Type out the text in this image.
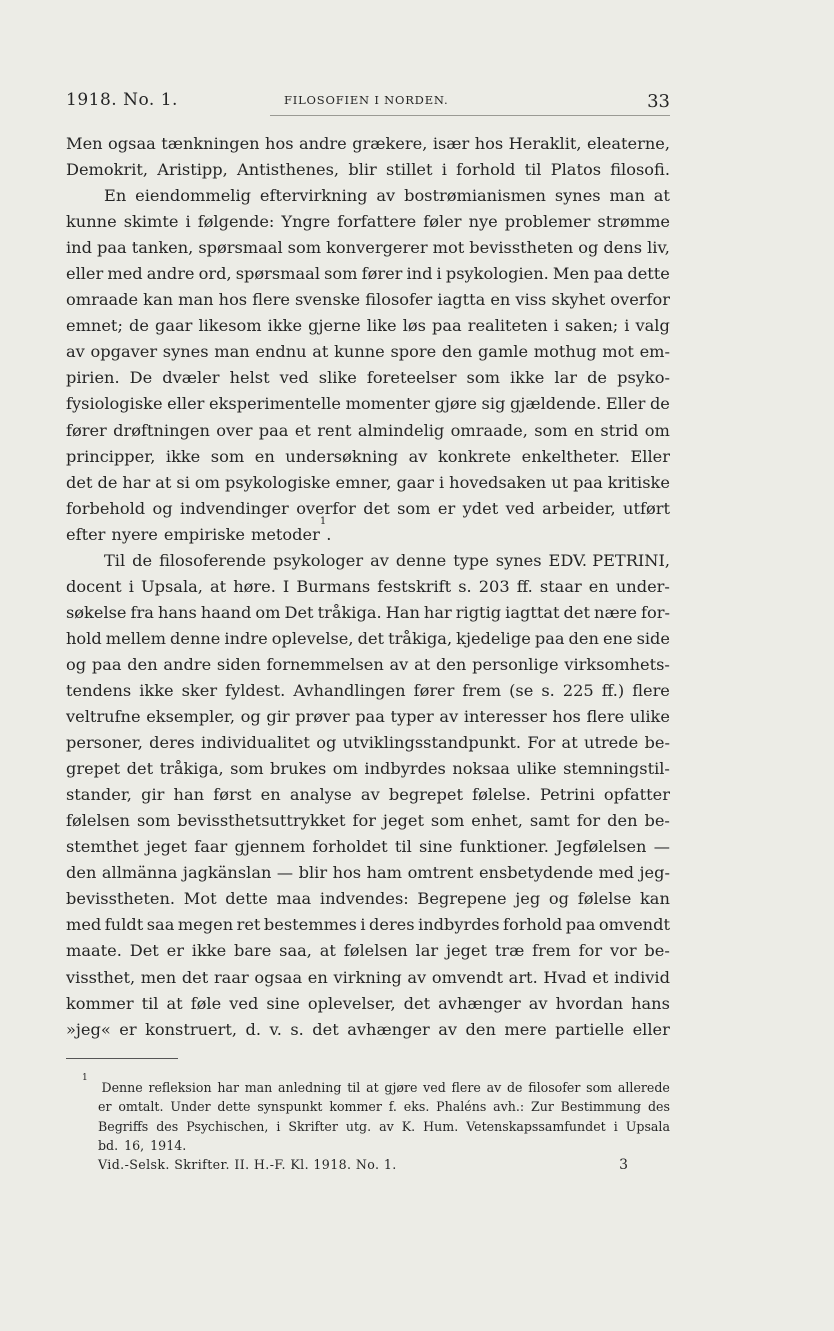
1918. No. 1.	FILOSOFIEN I NORDEN.	33
Men ogsaa tænkningen hos andre grækere, især hos Heraklit, eleaterne,
Demokrit, Aristipp, Antisthenes, blir stillet i forhold til Platos filosofi.
En eiendommelig eftervirkning av bostrømianismen synes man at
kunne skimte i følgende: Yngre forfattere føler nye problemer strømme
ind paa tanken, spørsmaal som konvergerer mot bevisstheten og dens liv,
eller med andre ord, spørsmaal som fører ind i psykologien. Men paa dette
omraade kan man hos flere svenske filosofer iagtta en viss skyhet overfor
emnet; de gaar likesom ikke gjerne like løs paa realiteten i saken; i valg
av opgaver synes man endnu at kunne spore den gamle mothug mot em-
pirien. De dvæler helst ved slike foreteelser som ikke lar de psyko-
fysiologiske eller eksperimentelle momenter gjøre sig gjældende. Eller de
fører drøftningen over paa et rent almindelig omraade, som en strid om
principper, ikke som en undersøkning av konkrete enkeltheter. Eller
det de har at si om psykologiske emner, gaar i hovedsaken ut paa kritiske
forbehold og indvendinger overfor det som er ydet ved arbeider, utført
efter nyere empiriske metoder
1
.
Til de filosoferende psykologer av denne type synes EDV. PETRINI,
docent i Upsala, at høre. I Burmans festskrift s. 203 ff. staar en under-
søkelse fra hans haand om Det tråkiga. Han har rigtig iagttat det nære for-
hold mellem denne indre oplevelse, det tråkiga, kjedelige paa den ene side
og paa den andre siden fornemmelsen av at den personlige virksomhets-
tendens ikke sker fyldest. Avhandlingen fører frem (se s. 225 ff.) flere
veltrufne eksempler, og gir prøver paa typer av interesser hos flere ulike
personer, deres individualitet og utviklingsstandpunkt. For at utrede be-
grepet det tråkiga, som brukes om indbyrdes noksaa ulike stemningstil-
stander, gir han først en analyse av begrepet følelse. Petrini opfatter
følelsen som bevissthetsuttrykket for jeget som enhet, samt for den be-
stemthet jeget faar gjennem forholdet til sine funktioner. Jegfølelsen —
den allmänna jagkänslan — blir hos ham omtrent ensbetydende med jeg-
bevisstheten. Mot dette maa indvendes: Begrepene jeg og følelse kan
med fuldt saa megen ret bestemmes i deres indbyrdes forhold paa omvendt
maate. Det er ikke bare saa, at følelsen lar jeget træ frem for vor be-
vissthet, men det raar ogsaa en virkning av omvendt art. Hvad et individ
kommer til at føle ved sine oplevelser, det avhænger av hvordan hans
»jeg« er konstruert, d. v. s. det avhænger av den mere partielle eller
1
Denne refleksion har man anledning til at gjøre ved flere av de filosofer som allerede
er omtalt. Under dette synspunkt kommer f. eks. Phaléns avh.: Zur Bestimmung des
Begriffs des Psychischen, i Skrifter utg. av K. Hum. Vetenskapssamfundet i Upsala
bd. 16, 1914.
Vid.-Selsk. Skrifter. II. H.-F. Kl. 1918. No. 1.	3
